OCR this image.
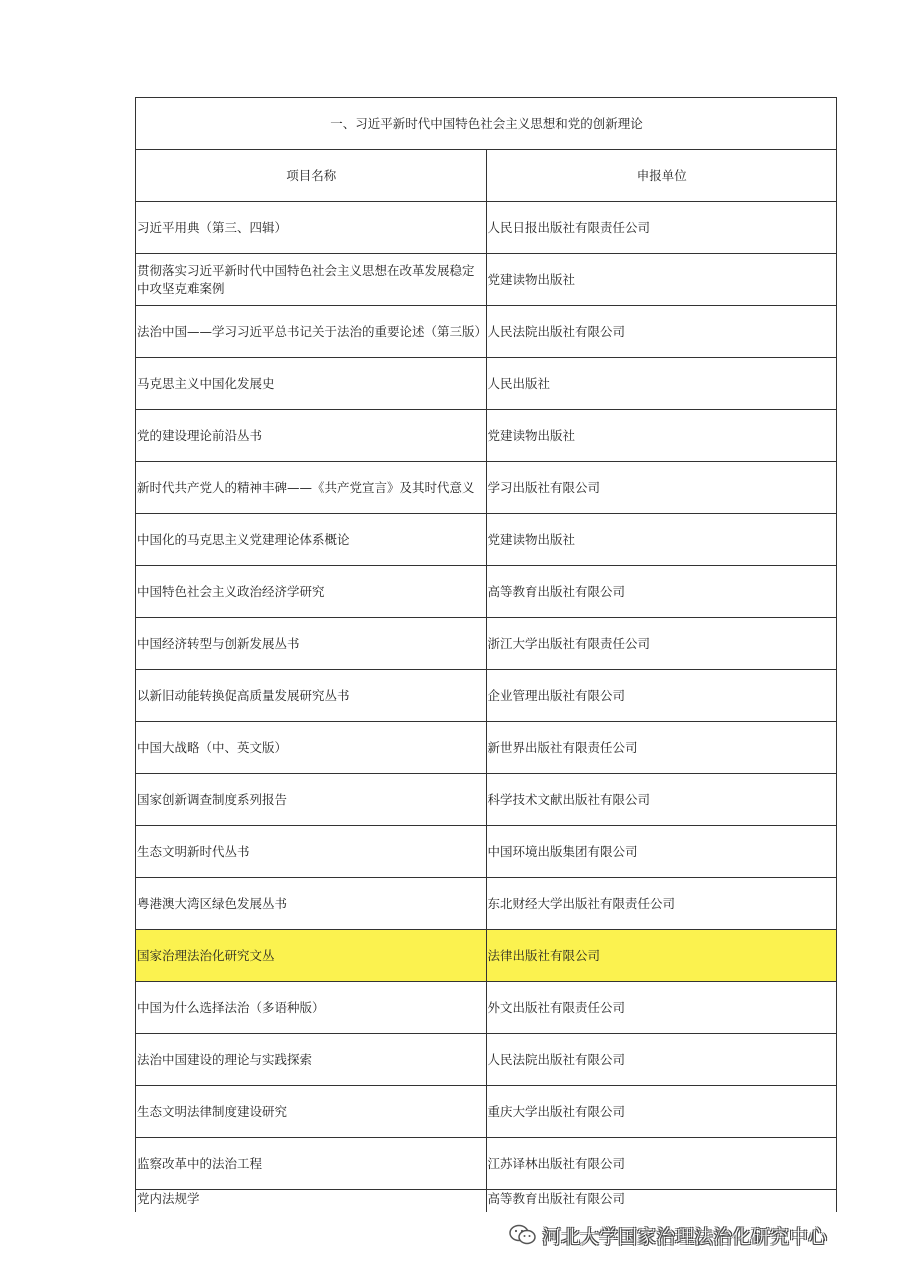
一、习近平新时代中国特色社会主义思想和党的创新理论	
项目名称	申报单位
习近平用典（第三、四辑）	人民日报出版社有限责任公司
贯彻落实习近平新时代中国特色社会主义思想在改革发展稳定中攻坚克难案例	党建读物出版社
法治中国——学习习近平总书记关于法治的重要论述（第三版）	人民法院出版社有限公司
马克思主义中国化发展史	人民出版社
党的建设理论前沿丛书	党建读物出版社
新时代共产党人的精神丰碑——《共产党宣言》及其时代意义	学习出版社有限公司
中国化的马克思主义党建理论体系概论	党建读物出版社
中国特色社会主义政治经济学研究	高等教育出版社有限公司
中国经济转型与创新发展丛书	浙江大学出版社有限责任公司
以新旧动能转换促高质量发展研究丛书	企业管理出版社有限公司
中国大战略（中、英文版）	新世界出版社有限责任公司
国家创新调查制度系列报告	科学技术文献出版社有限公司
生态文明新时代丛书	中国环境出版集团有限公司
粤港澳大湾区绿色发展丛书	东北财经大学出版社有限责任公司
国家治理法治化研究文丛	法律出版社有限公司
中国为什么选择法治（多语种版）	外文出版社有限责任公司
法治中国建设的理论与实践探索	人民法院出版社有限公司
生态文明法律制度建设研究	重庆大学出版社有限公司
监察改革中的法治工程	江苏译林出版社有限公司
党内法规学	高等教育出版社有限公司
河北大学国家治理法治化研究中心
